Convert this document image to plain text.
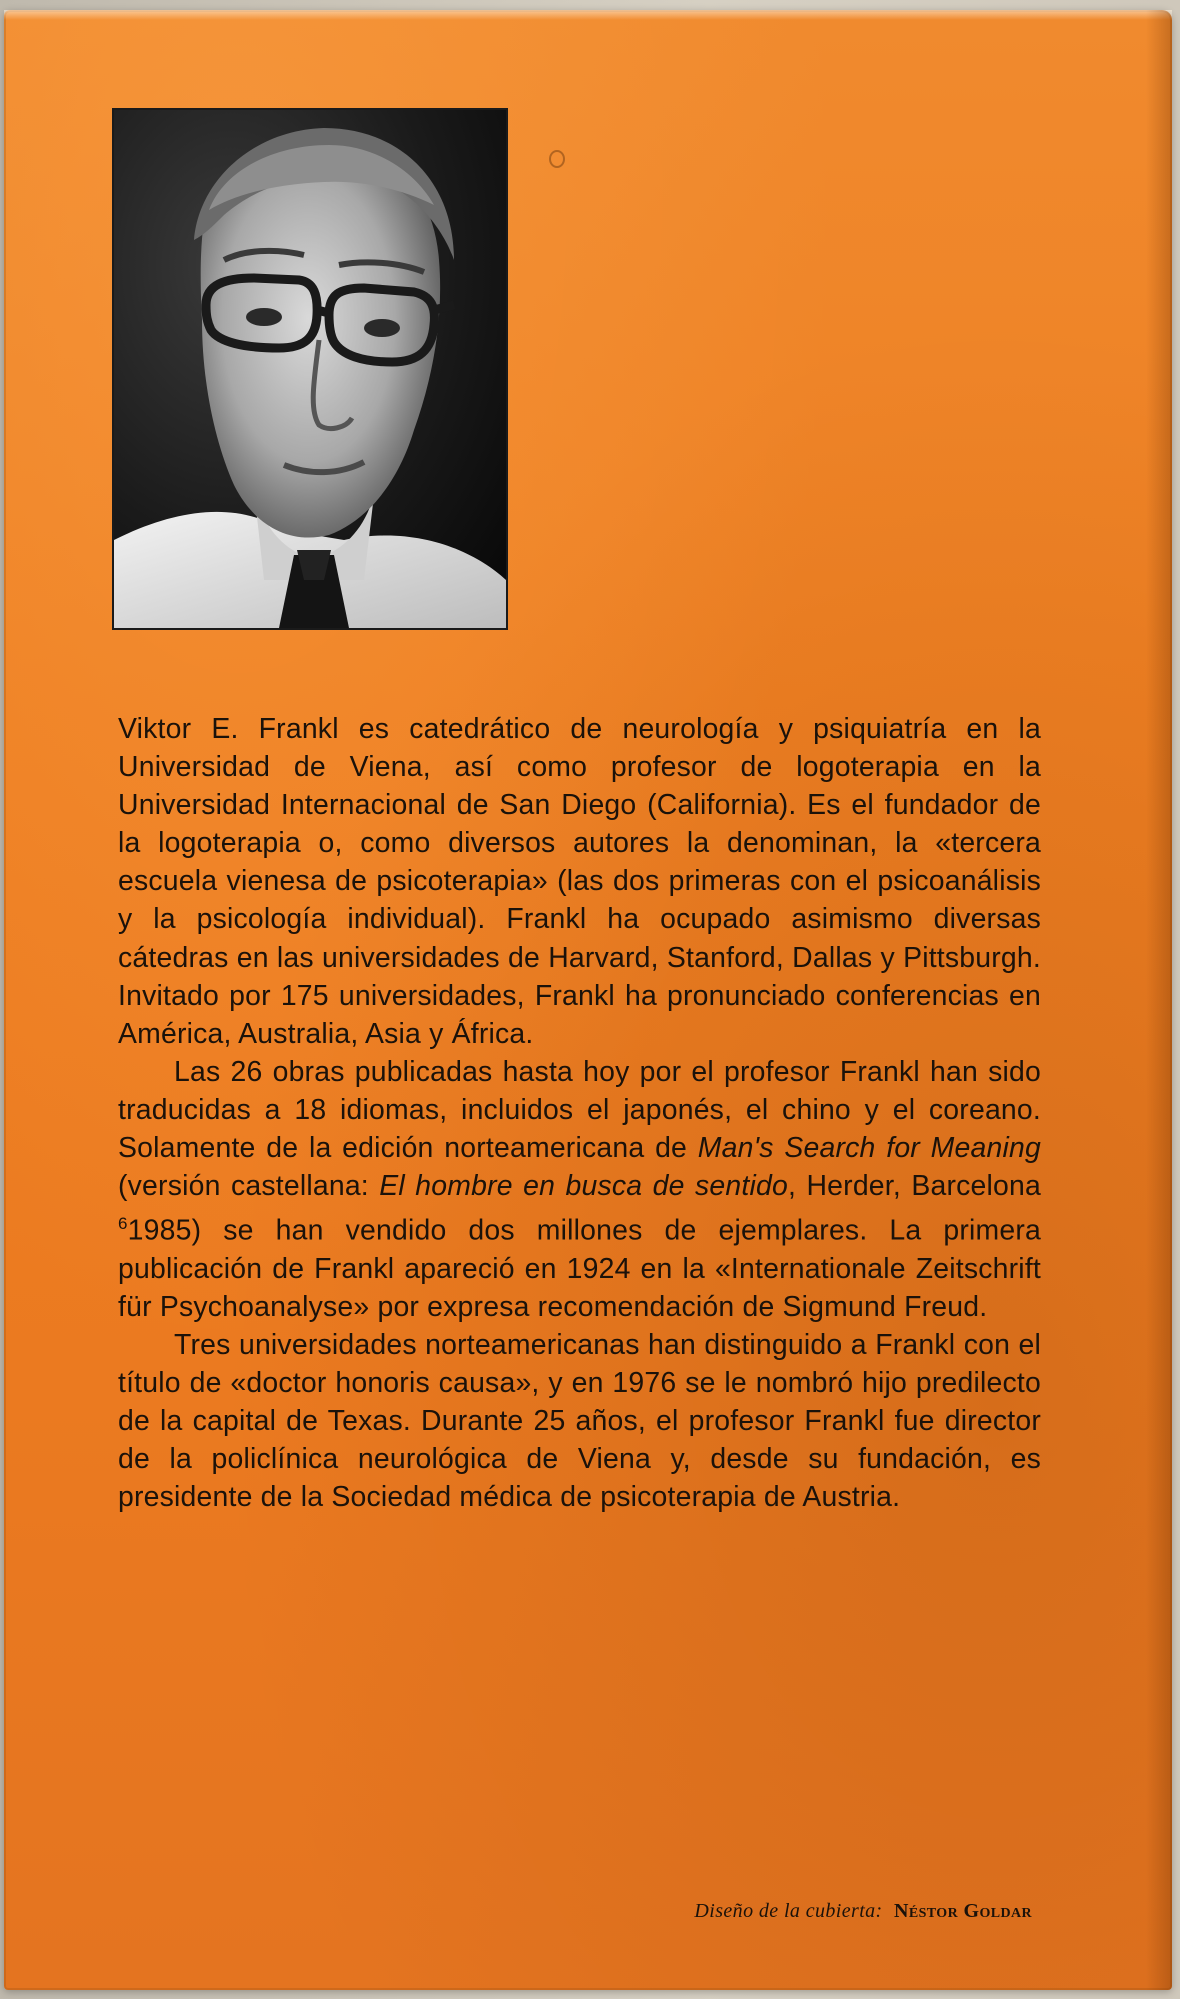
Viktor E. Frankl es catedrático de neurología y psiquiatría en la Universidad de Viena, así como profesor de logoterapia en la Universidad Internacional de San Diego (California). Es el fundador de la logoterapia o, como diversos autores la denominan, la «tercera escuela vienesa de psicoterapia» (las dos primeras con el psicoanálisis y la psicología individual). Frankl ha ocupado asimismo diversas cátedras en las universidades de Harvard, Stanford, Dallas y Pittsburgh. Invitado por 175 universidades, Frankl ha pronunciado conferencias en América, Australia, Asia y África.

Las 26 obras publicadas hasta hoy por el profesor Frankl han sido traducidas a 18 idiomas, incluidos el japonés, el chino y el coreano. Solamente de la edición norteamericana de Man's Search for Meaning (versión castellana: El hombre en busca de sentido, Herder, Barcelona $^6$1985) se han vendido dos millones de ejemplares. La primera publicación de Frankl apareció en 1924 en la «Internationale Zeitschrift für Psychoanalyse» por expresa recomendación de Sigmund Freud.

Tres universidades norteamericanas han distinguido a Frankl con el título de «doctor honoris causa», y en 1976 se le nombró hijo predilecto de la capital de Texas. Durante 25 años, el profesor Frankl fue director de la policlínica neurológica de Viena y, desde su fundación, es presidente de la Sociedad médica de psicoterapia de Austria.

Diseño de la cubierta: Néstor Goldar
